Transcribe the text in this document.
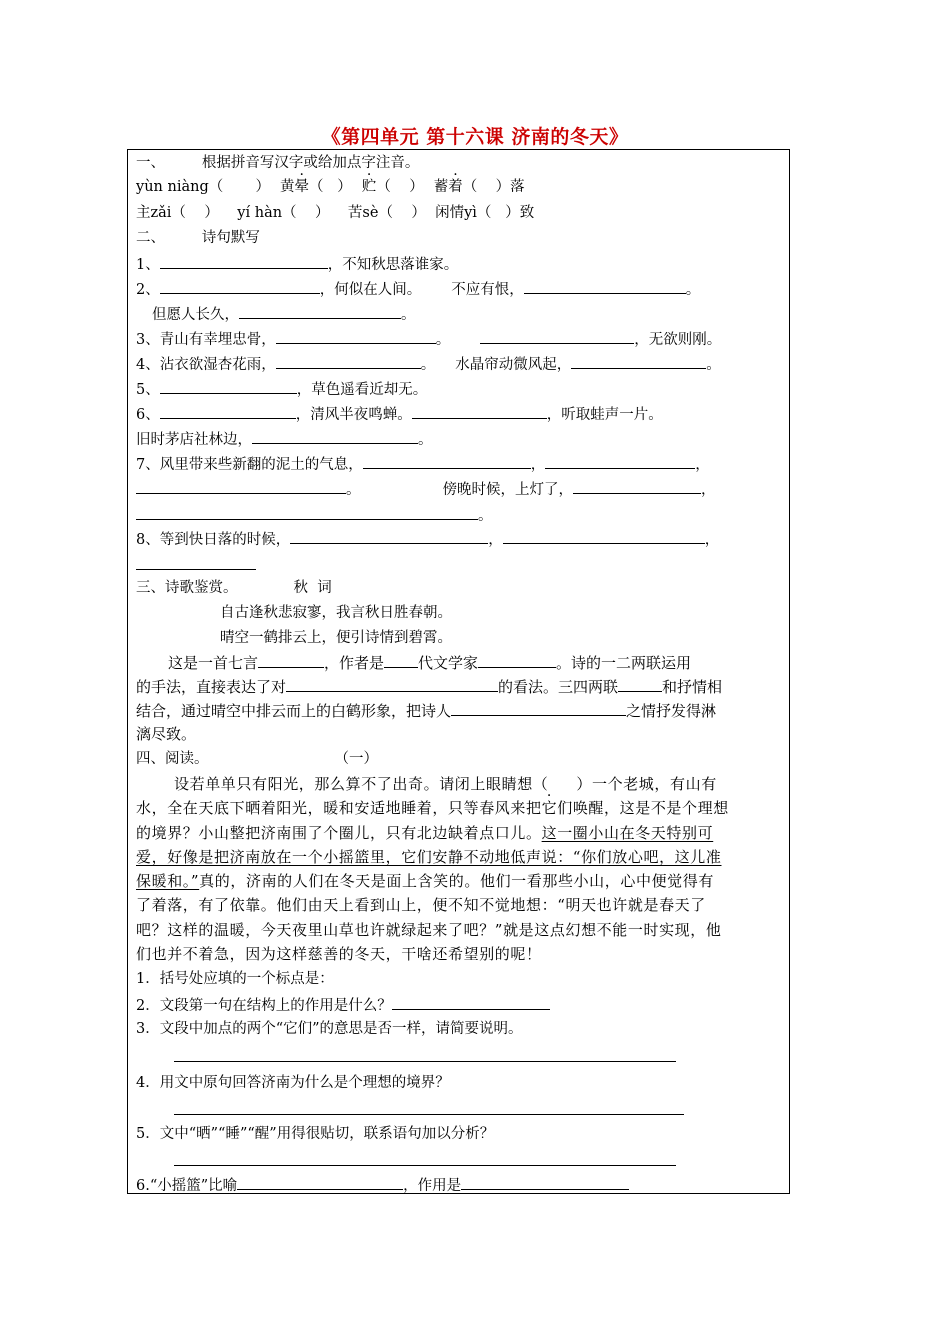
《第四单元 第十六课 济南的冬天》
一、        根据拼音写汉字或给加点字注音。
yùn niàng（       ） 黄晕（   ） 贮（    ） 蓄着（    ）落
主zǎi（    ）    yí hàn（    ）    苦sè（    ）  闲情yì（   ）致
二、        诗句默写
1、	，不知秋思落谁家。
2、	，何似在人间。 不应有恨，	。
但愿人长久，	。
3、青山有幸埋忠骨，	。	，无欲则刚。
4、沾衣欲湿杏花雨，	。 水晶帘动微风起，	。
5、	，草色遥看近却无。
6、	，清风半夜鸣蝉。	，听取蛙声一片。
旧时茅店社林边，	。
7、风里带来些新翻的泥土的气息，	，	，
。	傍晚时候，上灯了，	，
。
8、等到快日落的时候，	，	，
三、诗歌鉴赏。	秋  词
自古逢秋悲寂寥，我言秋日胜春朝。
晴空一鹤排云上，便引诗情到碧霄。
这是一首七言	，作者是 代文学家	。诗的一二两联运用
的手法，直接表达了对	的看法。三四两联	和抒情相
结合，通过晴空中排云而上的白鹤形象，把诗人	之情抒发得淋
漓尽致。
四、阅读。	（一）
设若单单只有阳光，那么算不了出奇。请闭上眼睛想（ ）一个老城，有山有
水，全在天底下晒着阳光，暖和安适地睡着，只等春风来把它们唤醒，这是不是个理想
的境界？小山整把济南围了个圈儿，只有北边缺着点口儿。这一圈小山在冬天特别可
爱，好像是把济南放在一个小摇篮里，它们安静不动地低声说：“你们放心吧，这儿准
保暖和。”真的，济南的人们在冬天是面上含笑的。他们一看那些小山，心中便觉得有
了着落，有了依靠。他们由天上看到山上，便不知不觉地想：“明天也许就是春天了
吧？这样的温暖，今天夜里山草也许就绿起来了吧？”就是这点幻想不能一时实现，他
们也并不着急，因为这样慈善的冬天，干啥还希望别的呢！
1．括号处应填的一个标点是：
2．文段第一句在结构上的作用是什么？
3．文段中加点的两个“它们”的意思是否一样，请简要说明。
4．用文中原句回答济南为什么是个理想的境界？
5．文中“晒”“睡”“醒”用得很贴切，联系语句加以分析？
6.“小摇篮”比喻	，作用是
